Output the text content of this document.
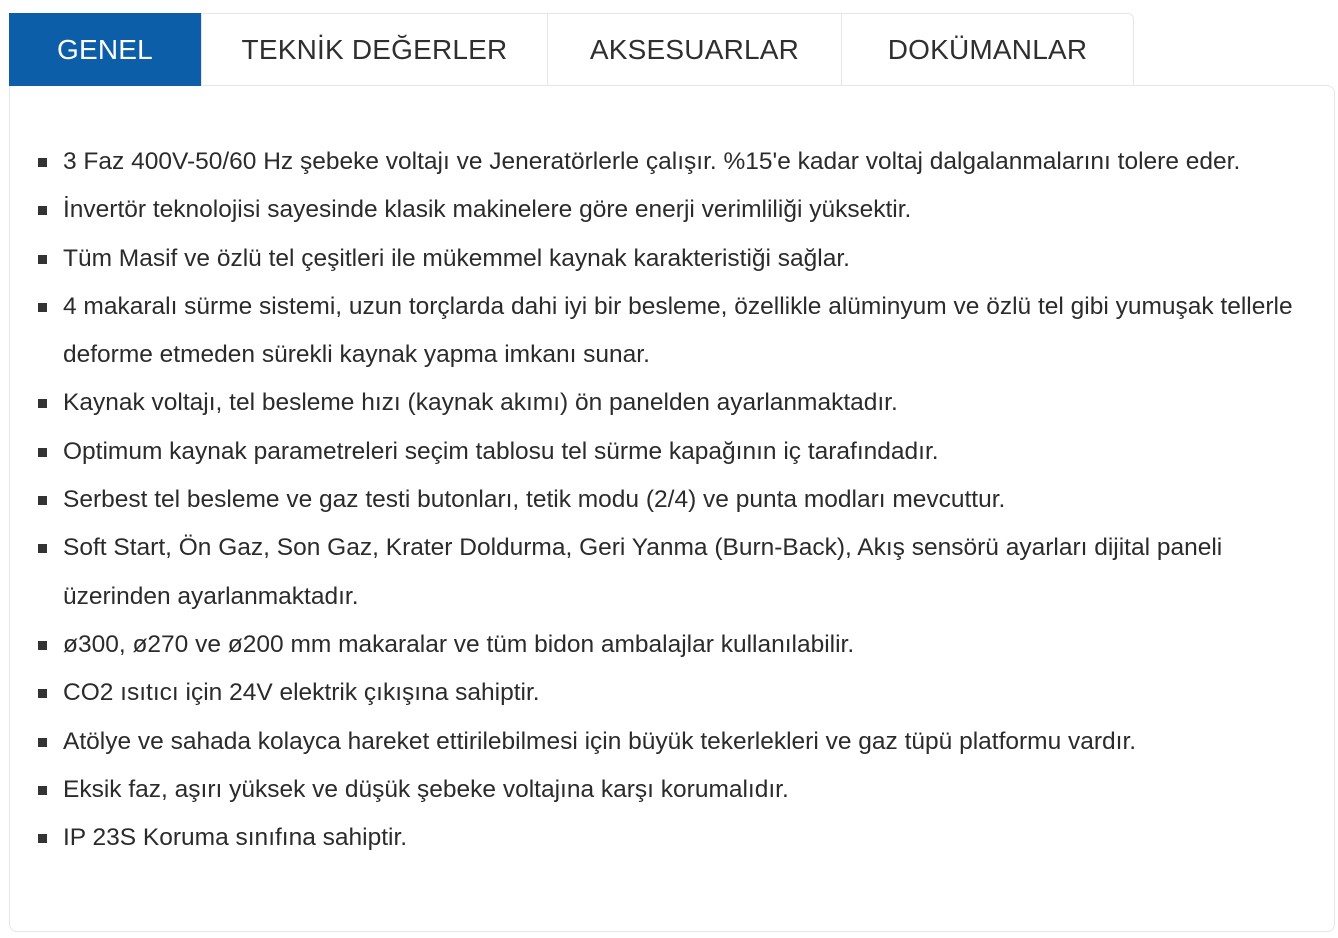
GENEL	TEKNİK DEĞERLER	AKSESUARLAR	DOKÜMANLAR
3 Faz 400V-50/60 Hz şebeke voltajı ve Jeneratörlerle çalışır. %15'e kadar voltaj dalgalanmalarını tolere eder.
İnvertör teknolojisi sayesinde klasik makinelere göre enerji verimliliği yüksektir.
Tüm Masif ve özlü tel çeşitleri ile mükemmel kaynak karakteristiği sağlar.
4 makaralı sürme sistemi, uzun torçlarda dahi iyi bir besleme, özellikle alüminyum ve özlü tel gibi yumuşak tellerle deforme etmeden sürekli kaynak yapma imkanı sunar.
Kaynak voltajı, tel besleme hızı (kaynak akımı) ön panelden ayarlanmaktadır.
Optimum kaynak parametreleri seçim tablosu tel sürme kapağının iç tarafındadır.
Serbest tel besleme ve gaz testi butonları, tetik modu (2/4) ve punta modları mevcuttur.
Soft Start, Ön Gaz, Son Gaz, Krater Doldurma, Geri Yanma (Burn-Back), Akış sensörü ayarları dijital paneli üzerinden ayarlanmaktadır.
ø300, ø270 ve ø200 mm makaralar ve tüm bidon ambalajlar kullanılabilir.
CO2 ısıtıcı için 24V elektrik çıkışına sahiptir.
Atölye ve sahada kolayca hareket ettirilebilmesi için büyük tekerlekleri ve gaz tüpü platformu vardır.
Eksik faz, aşırı yüksek ve düşük şebeke voltajına karşı korumalıdır.
IP 23S Koruma sınıfına sahiptir.
